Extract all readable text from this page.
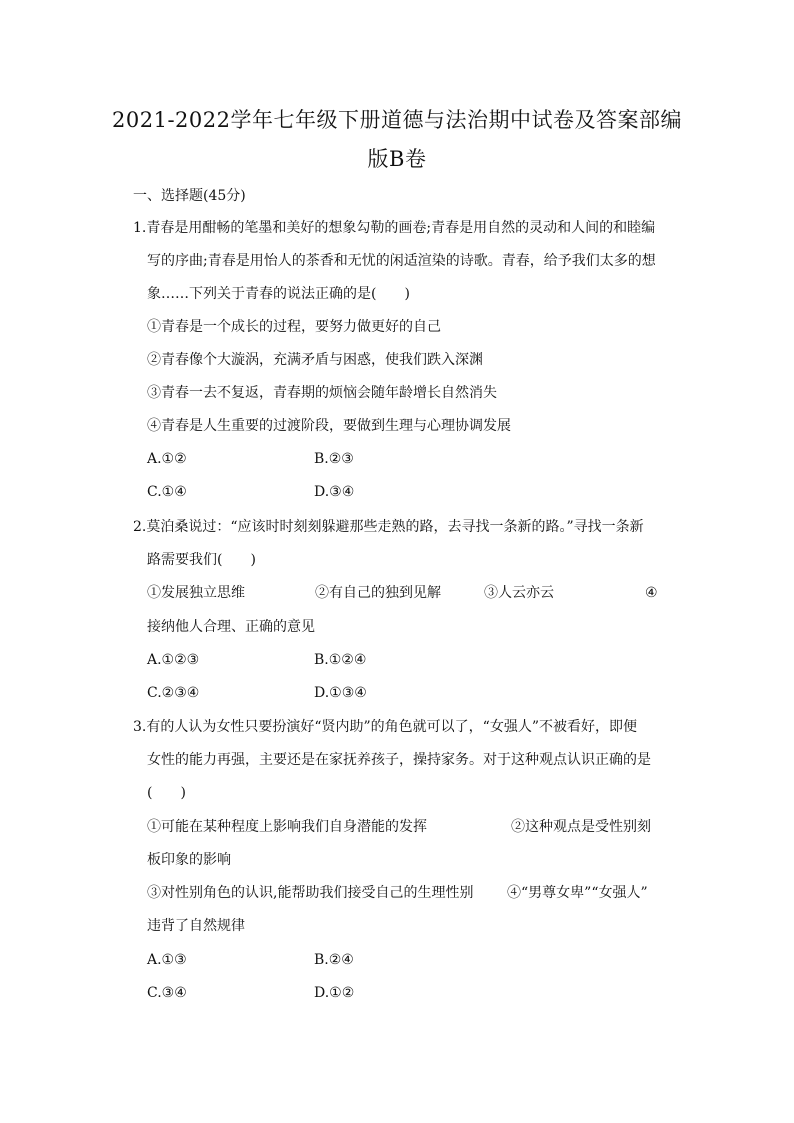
2021-2022学年七年级下册道德与法治期中试卷及答案部编
版B卷
一、选择题(45分)
1.青春是用酣畅的笔墨和美好的想象勾勒的画卷;青春是用自然的灵动和人间的和睦编
写的序曲;青春是用怡人的茶香和无忧的闲适渲染的诗歌。青春，给予我们太多的想
象……下列关于青春的说法正确的是(　　)
①青春是一个成长的过程，要努力做更好的自己
②青春像个大漩涡，充满矛盾与困惑，使我们跌入深渊
③青春一去不复返，青春期的烦恼会随年龄增长自然消失
④青春是人生重要的过渡阶段，要做到生理与心理协调发展
A.①②	B.②③
C.①④	D.③④
2.莫泊桑说过：“应该时时刻刻躲避那些走熟的路，去寻找一条新的路。”寻找一条新
路需要我们(　　)
①发展独立思维	②有自己的独到见解	③人云亦云	④
接纳他人合理、正确的意见
A.①②③	B.①②④
C.②③④	D.①③④
3.有的人认为女性只要扮演好“贤内助”的角色就可以了，“女强人”不被看好，即便
女性的能力再强，主要还是在家抚养孩子，操持家务。对于这种观点认识正确的是
(　　)
①可能在某种程度上影响我们自身潜能的发挥	②这种观点是受性别刻
板印象的影响
③对性别角色的认识,能帮助我们接受自己的生理性别 ④“男尊女卑”“女强人”
违背了自然规律
A.①③	B.②④
C.③④	D.①②
